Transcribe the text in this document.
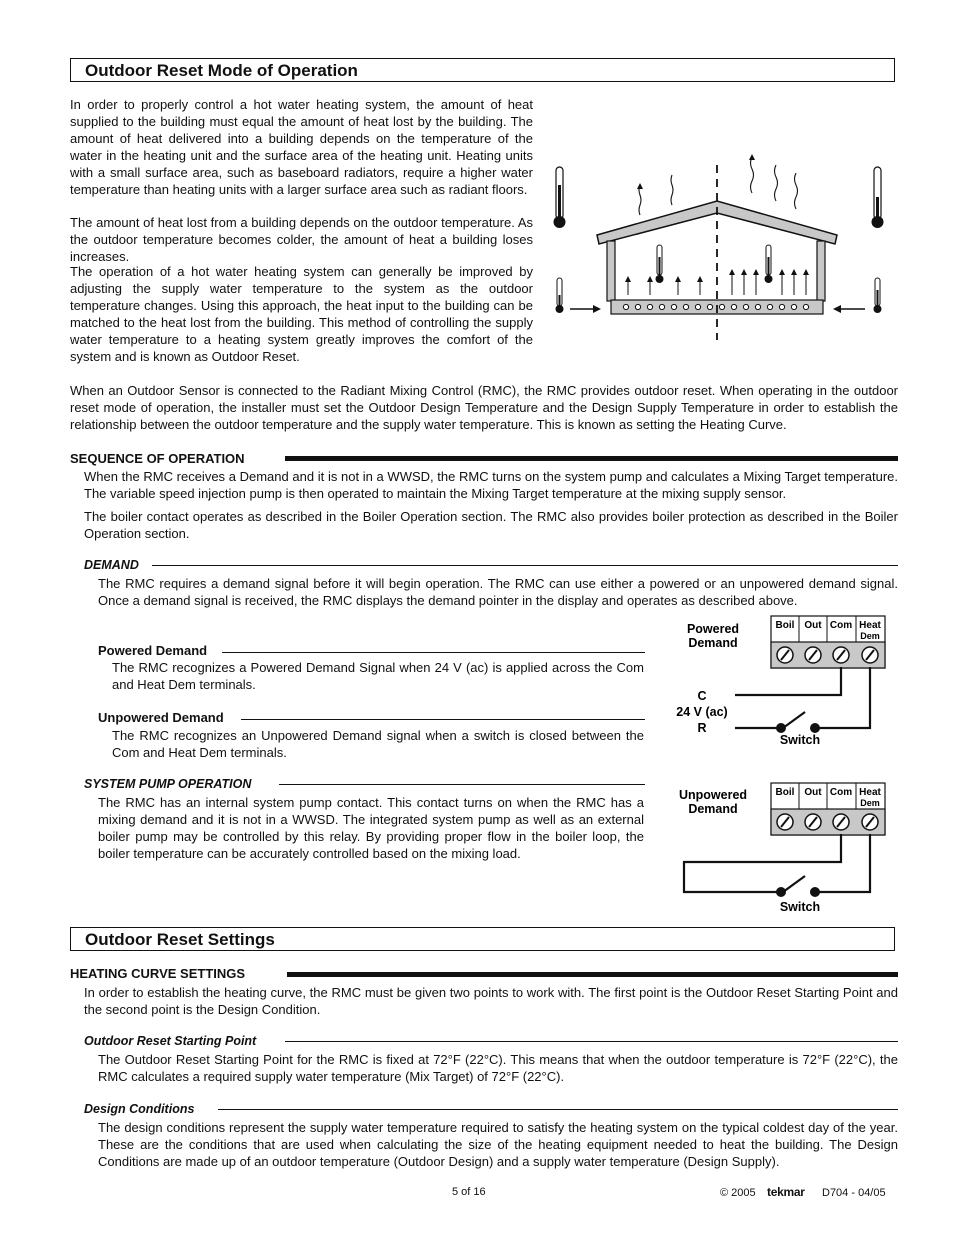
Outdoor Reset Mode of Operation
In order to properly control a hot water heating system, the amount of heat supplied to the building must equal the amount of heat lost by the building. The amount of heat delivered into a building depends on the temperature of the water in the heating unit and the surface area of the heating unit. Heating units with a small surface area, such as baseboard radiators, require a higher water temperature than heating units with a larger surface area such as radiant floors.
The amount of heat lost from a building depends on the outdoor temperature. As the outdoor temperature becomes colder, the amount of heat a building loses increases.
The operation of a hot water heating system can generally be improved by adjusting the supply water temperature to the system as the outdoor temperature changes. Using this approach, the heat input to the building can be matched to the heat lost from the building. This method of controlling the supply water temperature to a heating system greatly improves the comfort of the system and is known as Outdoor Reset.
When an Outdoor Sensor is connected to the Radiant Mixing Control (RMC), the RMC provides outdoor reset. When operating in the outdoor reset mode of operation, the installer must set the Outdoor Design Temperature and the Design Supply Temperature in order to establish the relationship between the outdoor temperature and the supply water temperature. This is known as setting the Heating Curve.
SEQUENCE OF OPERATION
When the RMC receives a Demand and it is not in a WWSD, the RMC turns on the system pump and calculates a Mixing Target temperature. The variable speed injection pump is then operated to maintain the Mixing Target temperature at the mixing supply sensor.
The boiler contact operates as described in the Boiler Operation section. The RMC also provides boiler protection as described in the Boiler Operation section.
DEMAND
The RMC requires a demand signal before it will begin operation. The RMC can use either a powered or an unpowered demand signal. Once a demand signal is received, the RMC displays the demand pointer in the display and operates as described above.
Powered Demand
The RMC recognizes a Powered Demand Signal when 24 V (ac) is applied across the Com and Heat Dem terminals.
Unpowered Demand
The RMC recognizes an Unpowered Demand signal when a switch is closed between the Com and Heat Dem terminals.
SYSTEM PUMP OPERATION
The RMC has an internal system pump contact. This contact turns on when the RMC has a mixing demand and it is not in a WWSD. The integrated system pump as well as an external boiler pump may be controlled by this relay. By providing proper flow in the boiler loop, the boiler temperature can be accurately controlled based on the mixing load.
Powered
Demand
Boil Out Com Heat
Dem
C
24 V (ac)
R
Switch
Unpowered
Demand
Boil Out Com Heat
Dem
Switch
Outdoor Reset Settings
HEATING CURVE SETTINGS
In order to establish the heating curve, the RMC must be given two points to work with. The first point is the Outdoor Reset Starting Point and the second point is the Design Condition.
Outdoor Reset Starting Point
The Outdoor Reset Starting Point for the RMC is fixed at 72°F (22°C). This means that when the outdoor temperature is 72°F (22°C), the RMC calculates a required supply water temperature (Mix Target) of 72°F (22°C).
Design Conditions
The design conditions represent the supply water temperature required to satisfy the heating system on the typical coldest day of the year. These are the conditions that are used when calculating the size of the heating equipment needed to heat the building. The Design Conditions are made up of an outdoor temperature (Outdoor Design) and a supply water temperature (Design Supply).
5 of 16	© 2005 tekmar D704 - 04/05
